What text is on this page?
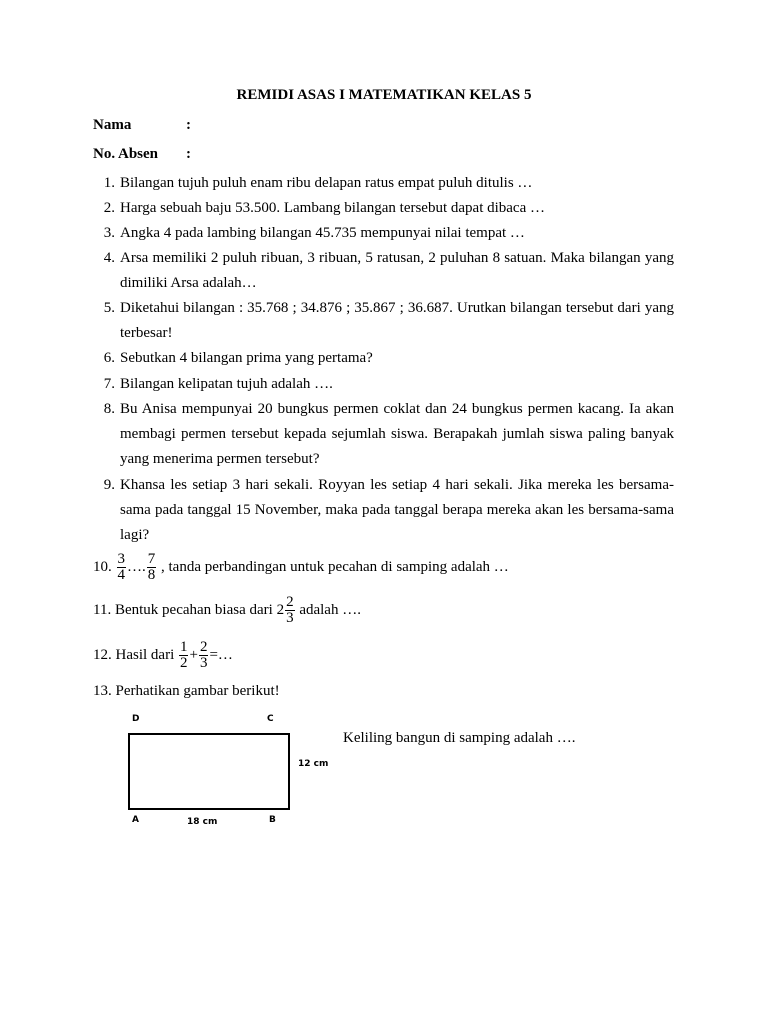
REMIDI ASAS I MATEMATIKAN KELAS 5
Nama	:
No. Absen :
1. Bilangan tujuh puluh enam ribu delapan ratus empat puluh ditulis …
2. Harga sebuah baju 53.500. Lambang bilangan tersebut dapat dibaca …
3. Angka 4 pada lambing bilangan 45.735 mempunyai nilai tempat …
4. Arsa memiliki 2 puluh ribuan, 3 ribuan, 5 ratusan, 2 puluhan 8 satuan. Maka bilangan yang dimiliki Arsa adalah…
5. Diketahui bilangan : 35.768 ; 34.876 ; 35.867 ; 36.687. Urutkan bilangan tersebut dari yang terbesar!
6. Sebutkan 4 bilangan prima yang pertama?
7. Bilangan kelipatan tujuh adalah ….
8. Bu Anisa mempunyai 20 bungkus permen coklat dan 24 bungkus permen kacang. Ia akan membagi permen tersebut kepada sejumlah siswa. Berapakah jumlah siswa paling banyak yang menerima permen tersebut?
9. Khansa les setiap 3 hari sekali. Royyan les setiap 4 hari sekali. Jika mereka les bersama-sama pada tanggal 15 November, maka pada tanggal berapa mereka akan les bersama-sama lagi?
10. $\frac{3}{4}$ …. $\frac{7}{8}$ , tanda perbandingan untuk pecahan di samping adalah …
11. Bentuk pecahan biasa dari $2 \frac{2}{3}$ adalah ….
12. Hasil dari $\frac{1}{2} + \frac{2}{3}$ =…
13. Perhatikan gambar berikut!
D	C
12 cm
A	18 cm	B
Keliling bangun di samping adalah ….
